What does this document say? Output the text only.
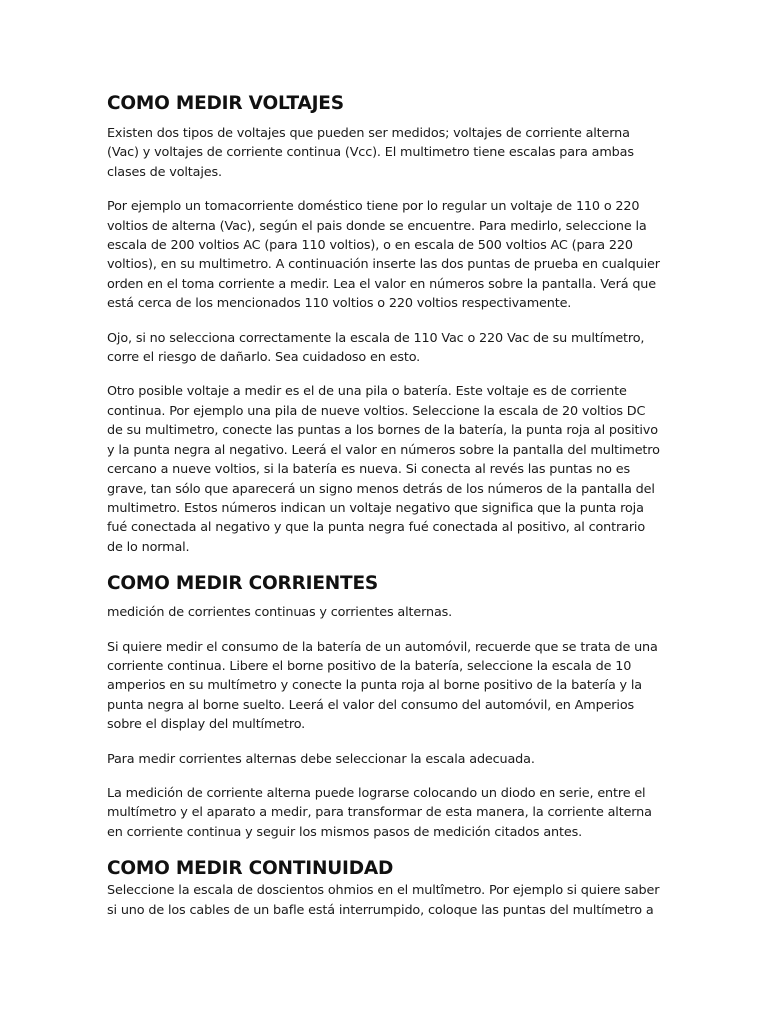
COMO MEDIR VOLTAJES

Existen dos tipos de voltajes que pueden ser medidos; voltajes de corriente alterna (Vac) y voltajes de corriente continua (Vcc). El multimetro tiene escalas para ambas clases de voltajes.

Por ejemplo un tomacorriente doméstico tiene por lo regular un voltaje de 110 o 220 voltios de alterna (Vac), según el pais donde se encuentre. Para medirlo, seleccione la escala de 200 voltios AC (para 110 voltios), o en escala de 500 voltios AC (para 220 voltios), en su multimetro. A continuación inserte las dos puntas de prueba en cualquier orden en el toma corriente a medir. Lea el valor en números sobre la pantalla. Verá que está cerca de los mencionados 110 voltios o 220 voltios respectivamente.

Ojo, si no selecciona correctamente la escala de 110 Vac o 220 Vac de su multímetro, corre el riesgo de dañarlo. Sea cuidadoso en esto.

Otro posible voltaje a medir es el de una pila o batería. Este voltaje es de corriente continua. Por ejemplo una pila de nueve voltios. Seleccione la escala de 20 voltios DC de su multimetro, conecte las puntas a los bornes de la batería, la punta roja al positivo y la punta negra al negativo. Leerá el valor en números sobre la pantalla del multimetro cercano a nueve voltios, si la batería es nueva. Si conecta al revés las puntas no es grave, tan sólo que aparecerá un signo menos detrás de los números de la pantalla del multimetro. Estos números indican un voltaje negativo que significa que la punta roja fué conectada al negativo y que la punta negra fué conectada al positivo, al contrario de lo normal.

COMO MEDIR CORRIENTES

medición de corrientes continuas y corrientes alternas.

Si quiere medir el consumo de la batería de un automóvil, recuerde que se trata de una corriente continua. Libere el borne positivo de la batería, seleccione la escala de 10 amperios en su multímetro y conecte la punta roja al borne positivo de la batería y la punta negra al borne suelto. Leerá el valor del consumo del automóvil, en Amperios sobre el display del multímetro.

Para medir corrientes alternas debe seleccionar la escala adecuada.

La medición de corriente alterna puede lograrse colocando un diodo en serie, entre el multímetro y el aparato a medir, para transformar de esta manera, la corriente alterna en corriente continua y seguir los mismos pasos de medición citados antes.

COMO MEDIR CONTINUIDAD

Seleccione la escala de doscientos ohmios en el multîmetro. Por ejemplo si quiere saber si uno de los cables de un bafle está interrumpido, coloque las puntas del multímetro a
